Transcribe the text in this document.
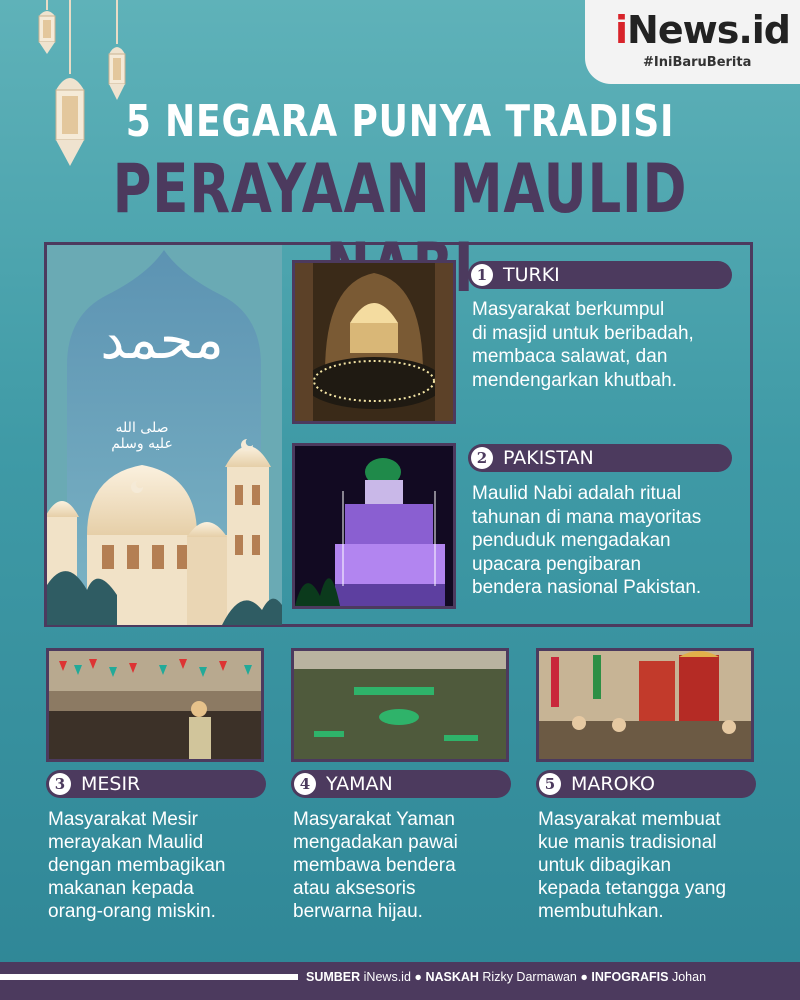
iNews.id
#IniBaruBerita
5 NEGARA PUNYA TRADISI
PERAYAAN MAULID
محمد
صلى الله عليه وسلم
1 TURKI
2 PAKISTAN
Masyarakat berkumpul
di masjid untuk beribadah,
membaca salawat, dan
mendengarkan khutbah.
Maulid Nabi adalah ritual
tahunan di mana mayoritas
penduduk mengadakan
upacara pengibaran
bendera nasional Pakistan.
3 MESIR	4 YAMAN	5 MAROKO
Masyarakat Mesir
merayakan Maulid
dengan membagikan
makanan kepada
orang-orang miskin.
Masyarakat Yaman
mengadakan pawai
membawa bendera
atau aksesoris
berwarna hijau.
Masyarakat membuat
kue manis tradisional
untuk dibagikan
kepada tetangga yang
membutuhkan.
SUMBER iNews.id ● NASKAH Rizky Darmawan ● INFOGRAFIS Johan
